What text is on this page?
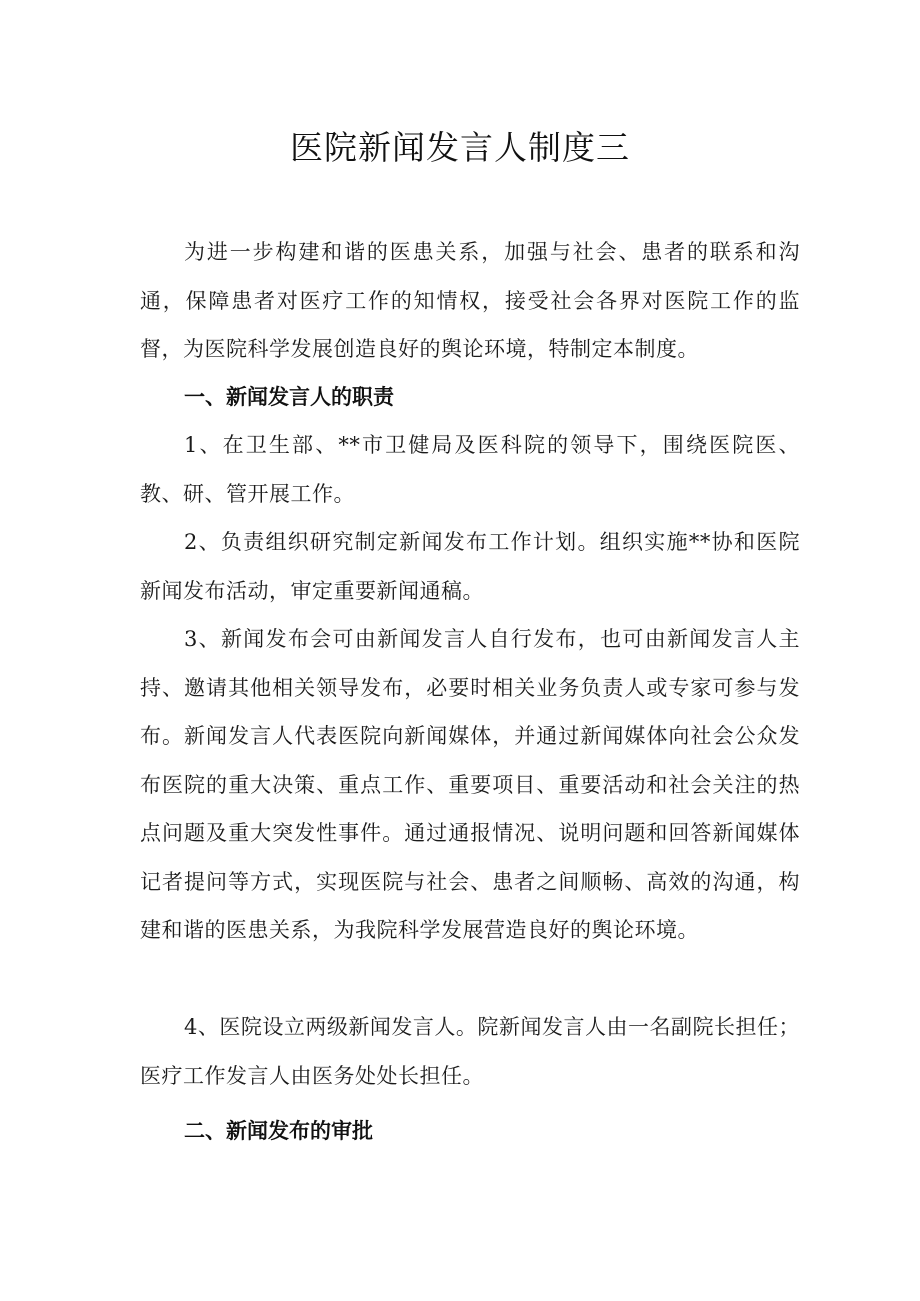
医院新闻发言人制度三
为进一步构建和谐的医患关系，加强与社会、患者的联系和沟通，保障患者对医疗工作的知情权，接受社会各界对医院工作的监督，为医院科学发展创造良好的舆论环境，特制定本制度。
一、新闻发言人的职责
1、在卫生部、**市卫健局及医科院的领导下，围绕医院医、教、研、管开展工作。
2、负责组织研究制定新闻发布工作计划。组织实施**协和医院新闻发布活动，审定重要新闻通稿。
3、新闻发布会可由新闻发言人自行发布，也可由新闻发言人主持、邀请其他相关领导发布，必要时相关业务负责人或专家可参与发布。新闻发言人代表医院向新闻媒体，并通过新闻媒体向社会公众发布医院的重大决策、重点工作、重要项目、重要活动和社会关注的热点问题及重大突发性事件。通过通报情况、说明问题和回答新闻媒体记者提问等方式，实现医院与社会、患者之间顺畅、高效的沟通，构建和谐的医患关系，为我院科学发展营造良好的舆论环境。
4、医院设立两级新闻发言人。院新闻发言人由一名副院长担任；医疗工作发言人由医务处处长担任。
二、新闻发布的审批
